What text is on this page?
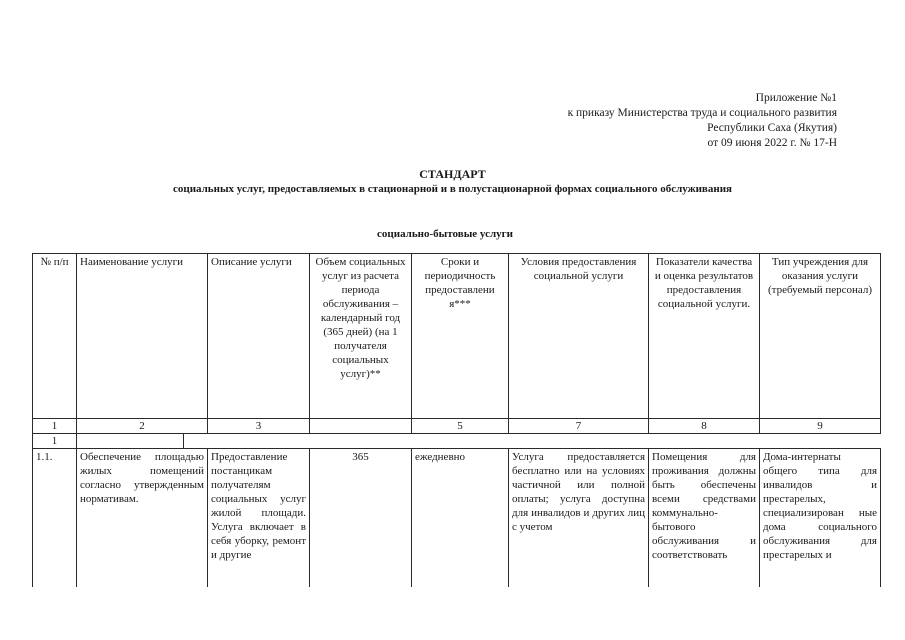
Приложение №1
к приказу Министерства труда и социального развития
Республики Саха (Якутия)
от 09 июня 2022 г. № 17-Н
СТАНДАРТ
социальных услуг, предоставляемых в стационарной и в полустационарной формах социального обслуживания
социально-бытовые услуги
№ п/п	Наименование услуги		Описание услуги	Объем социальных услуг из расчета периода обслуживания – календарный год (365 дней) (на 1 получателя социальных услуг)**	Сроки и периодичность предоставлени я***	Условия предоставления социальной услуги	Показатели качества и оценка результатов предоставления социальной услуги.	Тип учреждения для оказания услуги (требуемый персонал)
1	2		3		5	7	8	9
1								
1.1.	Обеспечение площадью жилых помещений согласно утвержденным нормативам.		Предоставление постанцикам получателям социальных услуг жилой площади. Услуга включает в себя уборку, ремонт и другие	365	ежедневно	Услуга предоставляется бесплатно или на условиях частичной или полной оплаты; услуга доступна для инвалидов и других лиц с учетом	Помещения для проживания должны быть обеспечены всеми средствами коммунально-бытового обслуживания и соответствовать	Дома-интернаты общего типа для инвалидов и престарелых, специализирован ные дома социального обслуживания для престарелых и
